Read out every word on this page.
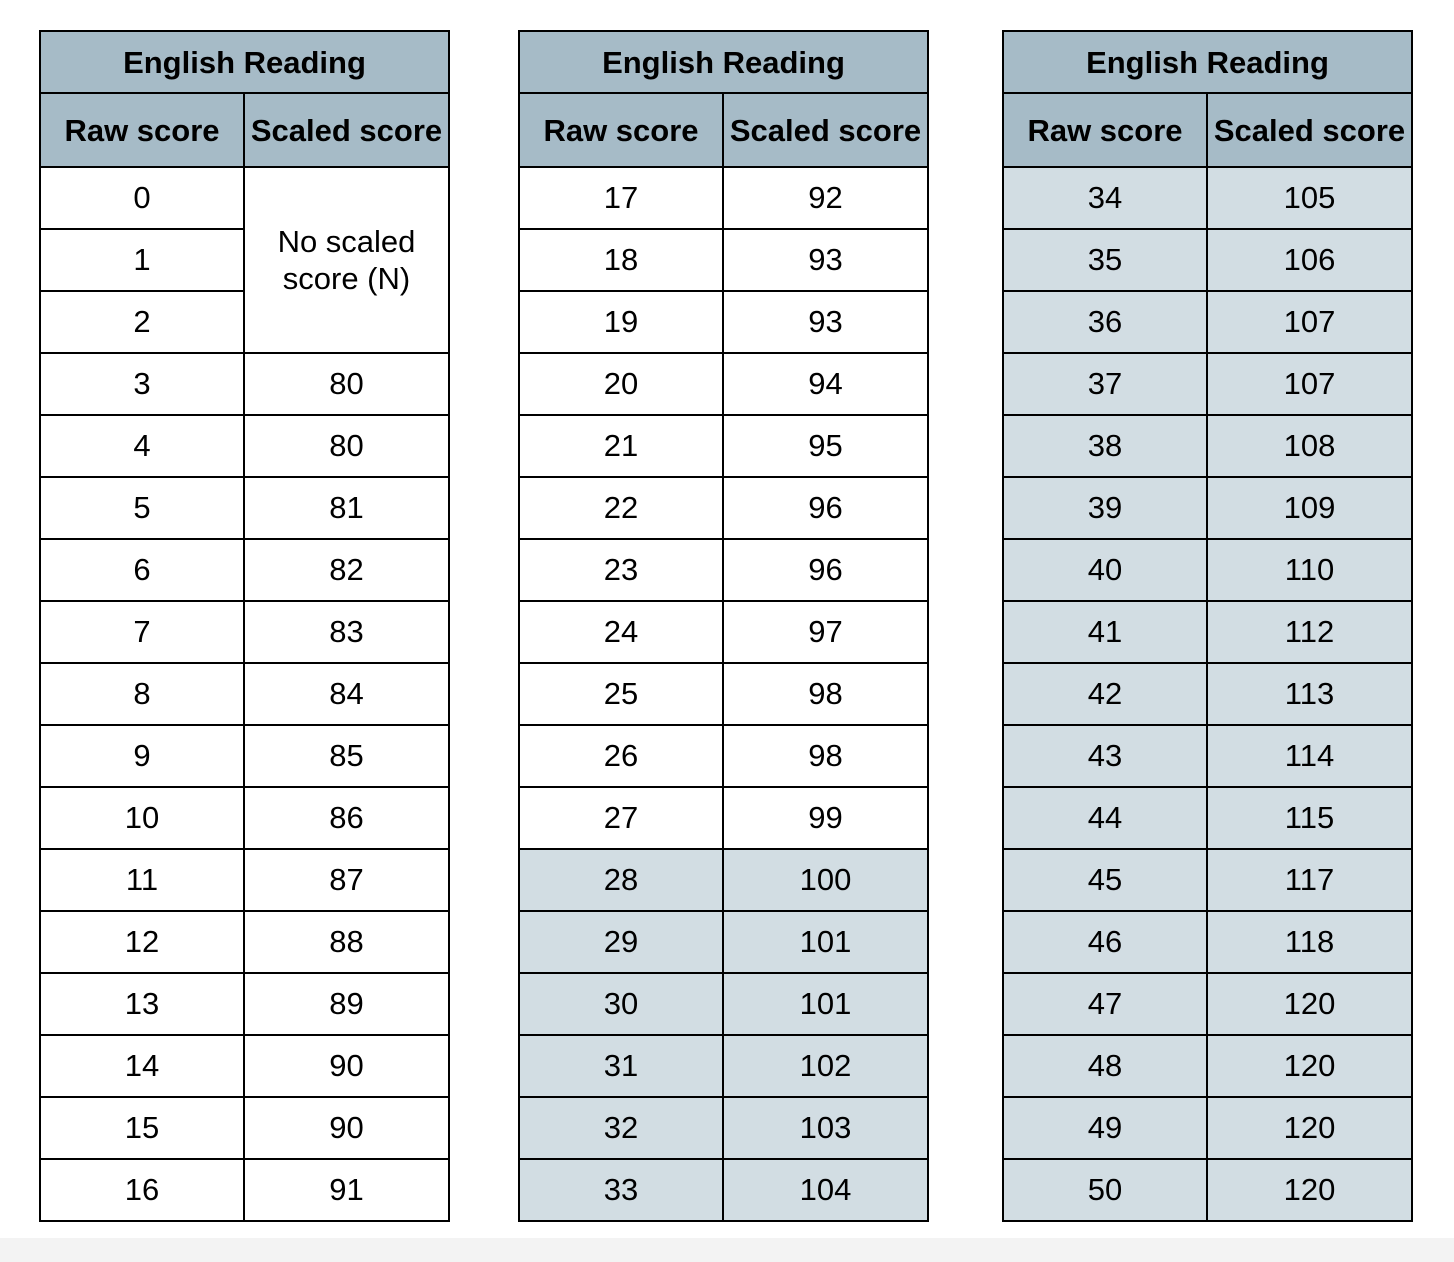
English Reading	
Raw score	Scaled score
0	No scaled score (N)
1	
2	
3	80
4	80
5	81
6	82
7	83
8	84
9	85
10	86
11	87
12	88
13	89
14	90
15	90
16	91
English Reading	
Raw score	Scaled score
17	92
18	93
19	93
20	94
21	95
22	96
23	96
24	97
25	98
26	98
27	99
28	100
29	101
30	101
31	102
32	103
33	104
English Reading	
Raw score	Scaled score
34	105
35	106
36	107
37	107
38	108
39	109
40	110
41	112
42	113
43	114
44	115
45	117
46	118
47	120
48	120
49	120
50	120
